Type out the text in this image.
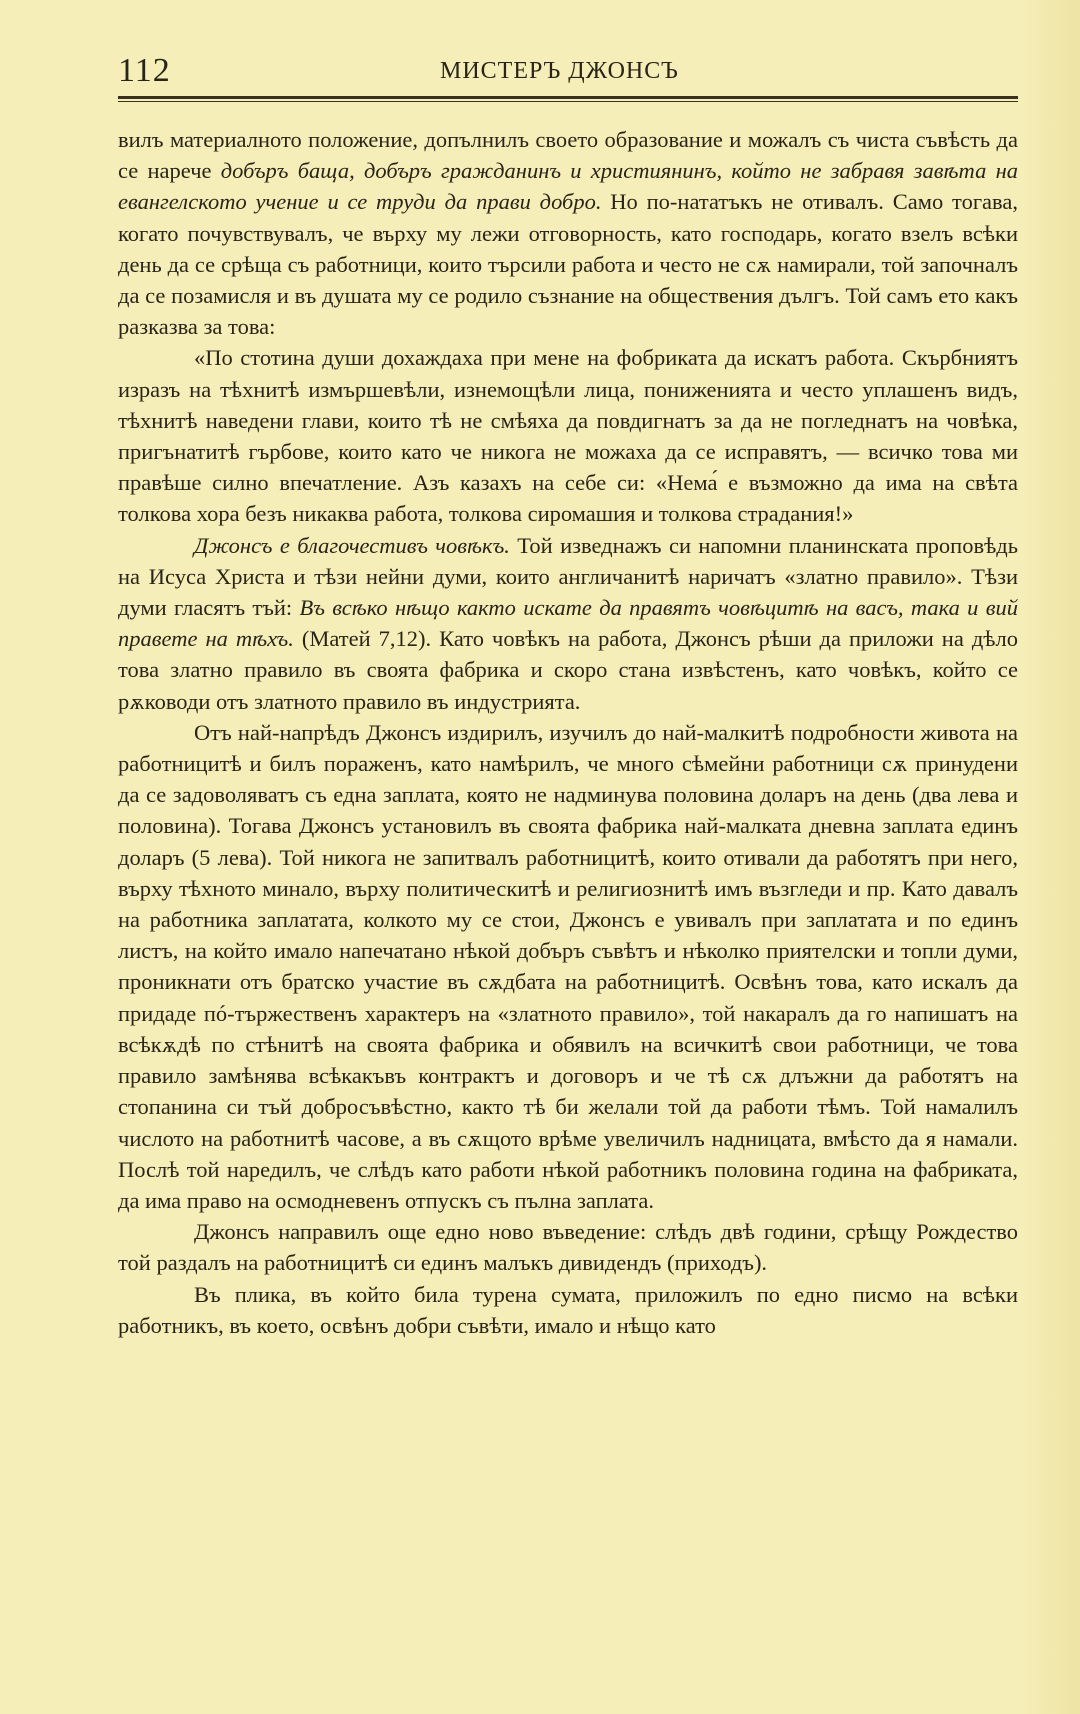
112	МИСТЕРЪ ДЖОНСЪ

вилъ материалното положение, допълнилъ своето образование и можалъ съ чиста съвѣсть да се нарече добъръ баща, добъръ гражданинъ и християнинъ, който не забравя завѣта на евангелското учение и се труди да прави добро. Но по-нататъкъ не отивалъ. Само тогава, когато почувствувалъ, че върху му лежи отговорность, като господарь, когато взелъ всѣки день да се срѣща съ работници, които търсили работа и често не сѫ намирали, той започналъ да се позамисля и въ душата му се родило съзнание на обществения дългъ. Той самъ ето какъ разказва за това:

«По стотина души дохаждаха при мене на фобриката да искатъ работа. Скърбниятъ изразъ на тѣхнитѣ измършевѣли, изнемощѣли лица, пониженията и често уплашенъ видъ, тѣхнитѣ наведени глави, които тѣ не смѣяха да повдигнатъ за да не погледнатъ на човѣка, пригънатитѣ гърбове, които като че никога не можаха да се исправятъ, — всичко това ми правѣше силно впечатление. Азъ казахъ на себе си: «Нема́ е възможно да има на свѣта толкова хора безъ никаква работа, толкова сиромашия и толкова страдания!»

Джонсъ е благочестивъ човѣкъ. Той изведнажъ си напомни планинската проповѣдь на Исуса Христа и тѣзи нейни думи, които англичанитѣ наричатъ «златно правило». Тѣзи думи гласятъ тъй: Въ всѣко нѣщо както искате да правятъ човѣцитѣ на васъ, така и вий правете на тѣхъ. (Матей 7,12). Като човѣкъ на работа, Джонсъ рѣши да приложи на дѣло това златно правило въ своята фабрика и скоро стана извѣстенъ, като човѣкъ, който се рѫководи отъ златното правило въ индустрията.

Отъ най-напрѣдъ Джонсъ издирилъ, изучилъ до най-малкитѣ подробности живота на работницитѣ и билъ пораженъ, като намѣрилъ, че много сѣмейни работници сѫ принудени да се задоволяватъ съ една заплата, която не надминува половина доларъ на день (два лева и половина). Тогава Джонсъ установилъ въ своята фабрика най-малката дневна заплата единъ доларъ (5 лева). Той никога не запитвалъ работницитѣ, които отивали да работятъ при него, върху тѣхното минало, върху политическитѣ и религиознитѣ имъ възгледи и пр. Като давалъ на работника заплатата, колкото му се стои, Джонсъ е увивалъ при заплатата и по единъ листъ, на който имало напечатано нѣкой добъръ съвѣтъ и нѣколко приятелски и топли думи, проникнати отъ братско участие въ сѫдбата на работницитѣ. Освѣнъ това, като искалъ да придаде пó-тържественъ характеръ на «златното правило», той накаралъ да го напишатъ на всѣкѫдѣ по стѣнитѣ на своята фабрика и обявилъ на всичкитѣ свои работници, че това правило замѣнява всѣкакъвъ контрактъ и договоръ и че тѣ сѫ длъжни да работятъ на стопанина си тъй добросъвѣстно, както тѣ би желали той да работи тѣмъ. Той намалилъ числото на работнитѣ часове, а въ сѫщото врѣме увеличилъ надницата, вмѣсто да я намали. Послѣ той наредилъ, че слѣдъ като работи нѣкой работникъ половина година на фабриката, да има право на осмодневенъ отпускъ съ пълна заплата.

Джонсъ направилъ още едно ново въведение: слѣдъ двѣ години, срѣщу Рождество той раздалъ на работницитѣ си единъ малъкъ дивидендъ (приходъ).

Въ плика, въ който била турена сумата, приложилъ по едно писмо на всѣки работникъ, въ което, освѣнъ добри съвѣти, имало и нѣщо като
